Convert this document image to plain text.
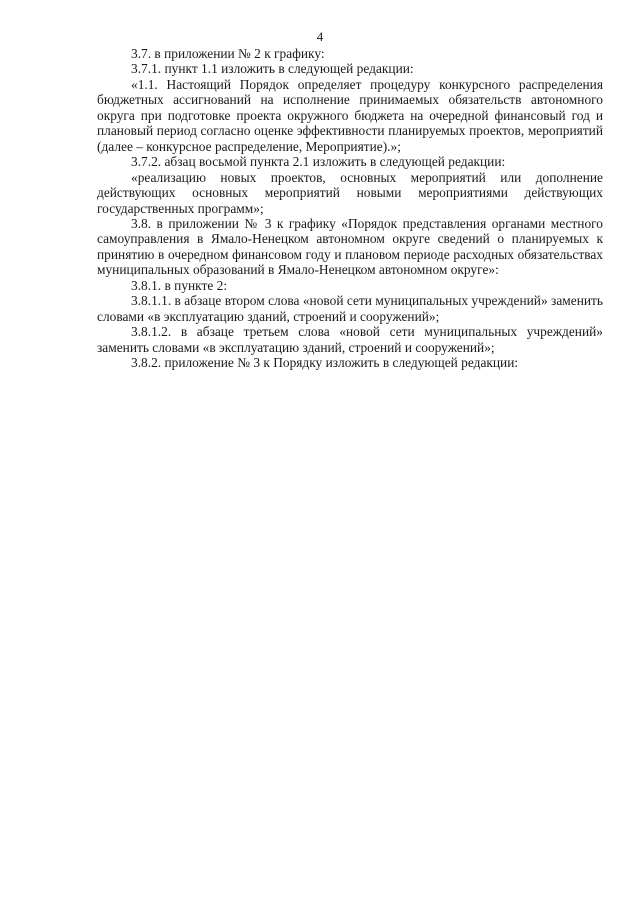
4

3.7. в приложении № 2 к графику:

3.7.1. пункт 1.1 изложить в следующей редакции:

«1.1. Настоящий Порядок определяет процедуру конкурсного распределения бюджетных ассигнований на исполнение принимаемых обязательств автономного округа при подготовке проекта окружного бюджета на очередной финансовый год и плановый период согласно оценке эффективности планируемых проектов, мероприятий (далее – конкурсное распределение, Мероприятие).»;

3.7.2. абзац восьмой пункта 2.1 изложить в следующей редакции:

«реализацию новых проектов, основных мероприятий или дополнение действующих основных мероприятий новыми мероприятиями действующих государственных программ»;

3.8. в приложении № 3 к графику «Порядок представления органами местного самоуправления в Ямало-Ненецком автономном округе сведений о планируемых к принятию в очередном финансовом году и плановом периоде расходных обязательствах муниципальных образований в Ямало-Ненецком автономном округе»:

3.8.1. в пункте 2:

3.8.1.1. в абзаце втором слова «новой сети муниципальных учреждений» заменить словами «в эксплуатацию зданий, строений и сооружений»;

3.8.1.2. в абзаце третьем слова «новой сети муниципальных учреждений» заменить словами «в эксплуатацию зданий, строений и сооружений»;

3.8.2. приложение № 3 к Порядку изложить в следующей редакции:
